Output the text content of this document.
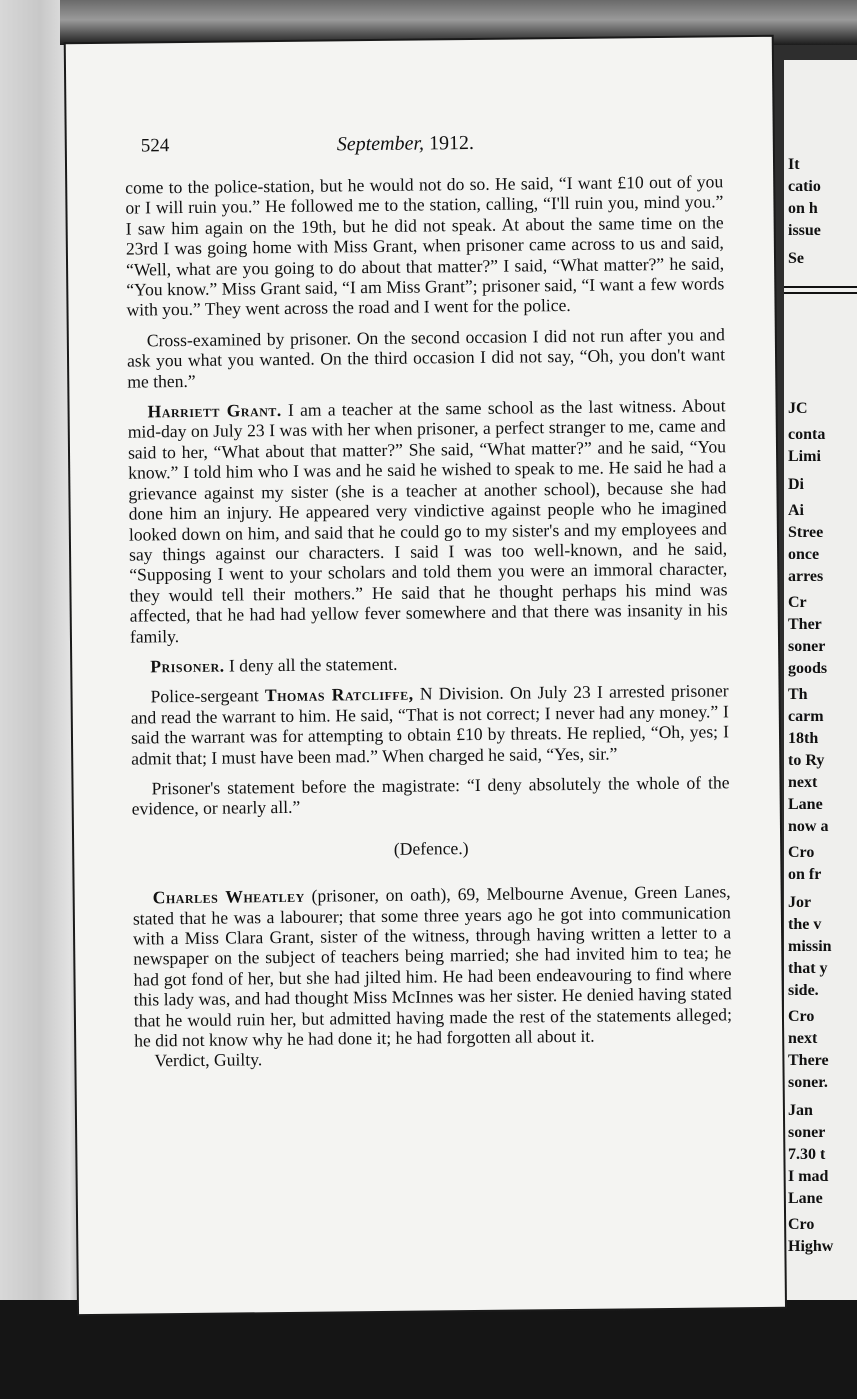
It
catio
on h
issue
Se
JC
conta
Limi
Di
Ai
Stree
once
arres
Cr
Ther
soner
goods
Th
carm
18th
to Ry
next
Lane
now a
Cro
on fr
Jor
the v
missin
that y
side.
Cro
next
There
soner.
Jan
soner
7.30 t
I mad
Lane
Cro
Highw
524	September, 1912.

come to the police-station, but he would not do so. He said, “I want £10 out of you or I will ruin you.” He followed me to the station, calling, “I'll ruin you, mind you.” I saw him again on the 19th, but he did not speak. At about the same time on the 23rd I was going home with Miss Grant, when prisoner came across to us and said, “Well, what are you going to do about that matter?” I said, “What matter?” he said, “You know.” Miss Grant said, “I am Miss Grant”; prisoner said, “I want a few words with you.” They went across the road and I went for the police.

Cross-examined by prisoner. On the second occasion I did not run after you and ask you what you wanted. On the third occasion I did not say, “Oh, you don't want me then.”

Harriett Grant. I am a teacher at the same school as the last witness. About mid-day on July 23 I was with her when prisoner, a perfect stranger to me, came and said to her, “What about that matter?” She said, “What matter?” and he said, “You know.” I told him who I was and he said he wished to speak to me. He said he had a grievance against my sister (she is a teacher at another school), because she had done him an injury. He appeared very vindictive against people who he imagined looked down on him, and said that he could go to my sister's and my employees and say things against our characters. I said I was too well-known, and he said, “Supposing I went to your scholars and told them you were an immoral character, they would tell their mothers.” He said that he thought perhaps his mind was affected, that he had had yellow fever somewhere and that there was insanity in his family.

Prisoner. I deny all the statement.

Police-sergeant Thomas Ratcliffe, N Division. On July 23 I arrested prisoner and read the warrant to him. He said, “That is not correct; I never had any money.” I said the warrant was for attempting to obtain £10 by threats. He replied, “Oh, yes; I admit that; I must have been mad.” When charged he said, “Yes, sir.”

Prisoner's statement before the magistrate: “I deny absolutely the whole of the evidence, or nearly all.”

(Defence.)

Charles Wheatley (prisoner, on oath), 69, Melbourne Avenue, Green Lanes, stated that he was a labourer; that some three years ago he got into communication with a Miss Clara Grant, sister of the witness, through having written a letter to a newspaper on the subject of teachers being married; she had invited him to tea; he had got fond of her, but she had jilted him. He had been endeavouring to find where this lady was, and had thought Miss McInnes was her sister. He denied having stated that he would ruin her, but admitted having made the rest of the statements alleged; he did not know why he had done it; he had forgotten all about it.

Verdict, Guilty.
